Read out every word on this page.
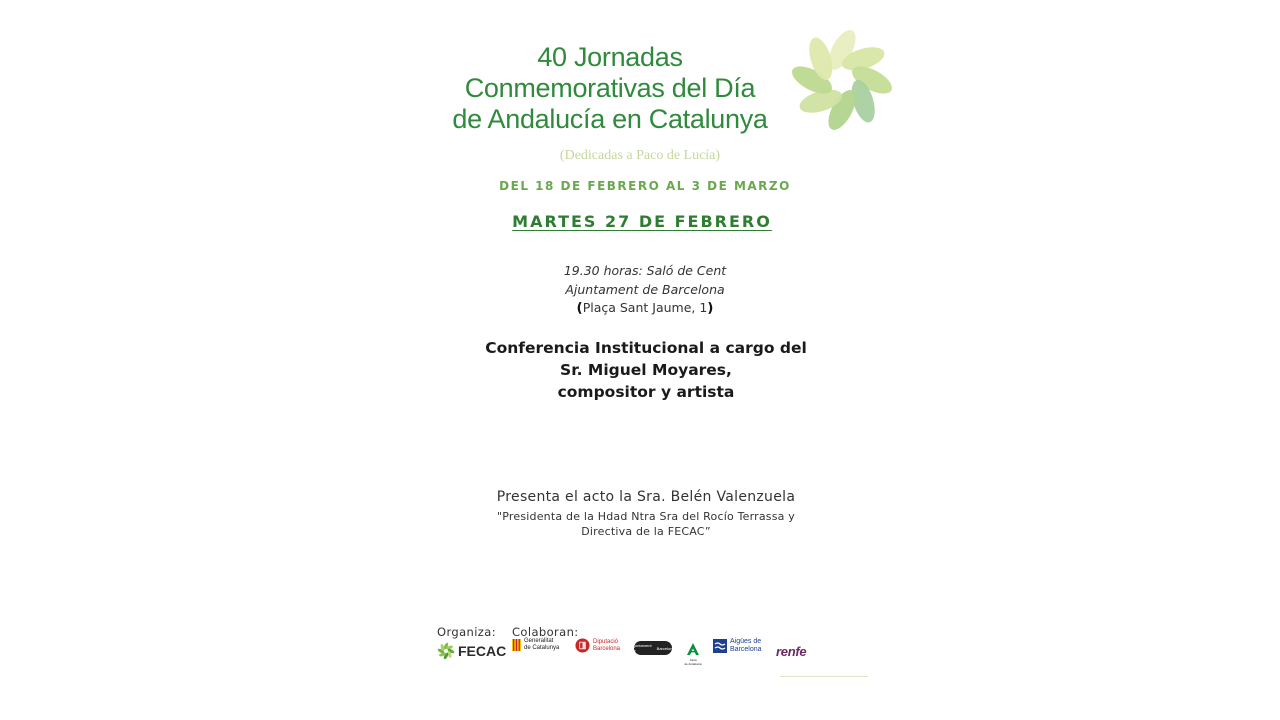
40 Jornadas
Conmemorativas del Día
de Andalucía en Catalunya
(Dedicadas a Paco de Lucía)
DEL 18 DE FEBRERO AL 3 DE MARZO
MARTES 27 DE FEBRERO
19.30 horas: Saló de Cent
Ajuntament de Barcelona
(Plaça Sant Jaume, 1)
Conferencia Institucional a cargo del
Sr. Miguel Moyares,
compositor y artista
Presenta el acto la Sra. Belén Valenzuela
"Presidenta de la Hdad Ntra Sra del Rocío Terrassa y
Directiva de la FECAC”
Organiza: Colaboran:
FECAC
Generalitat
de Catalunya
Diputació
Barcelona	Ajuntament de
	Barcelona
Junta
de Andalucía
Aigües de
Barcelona renfe
